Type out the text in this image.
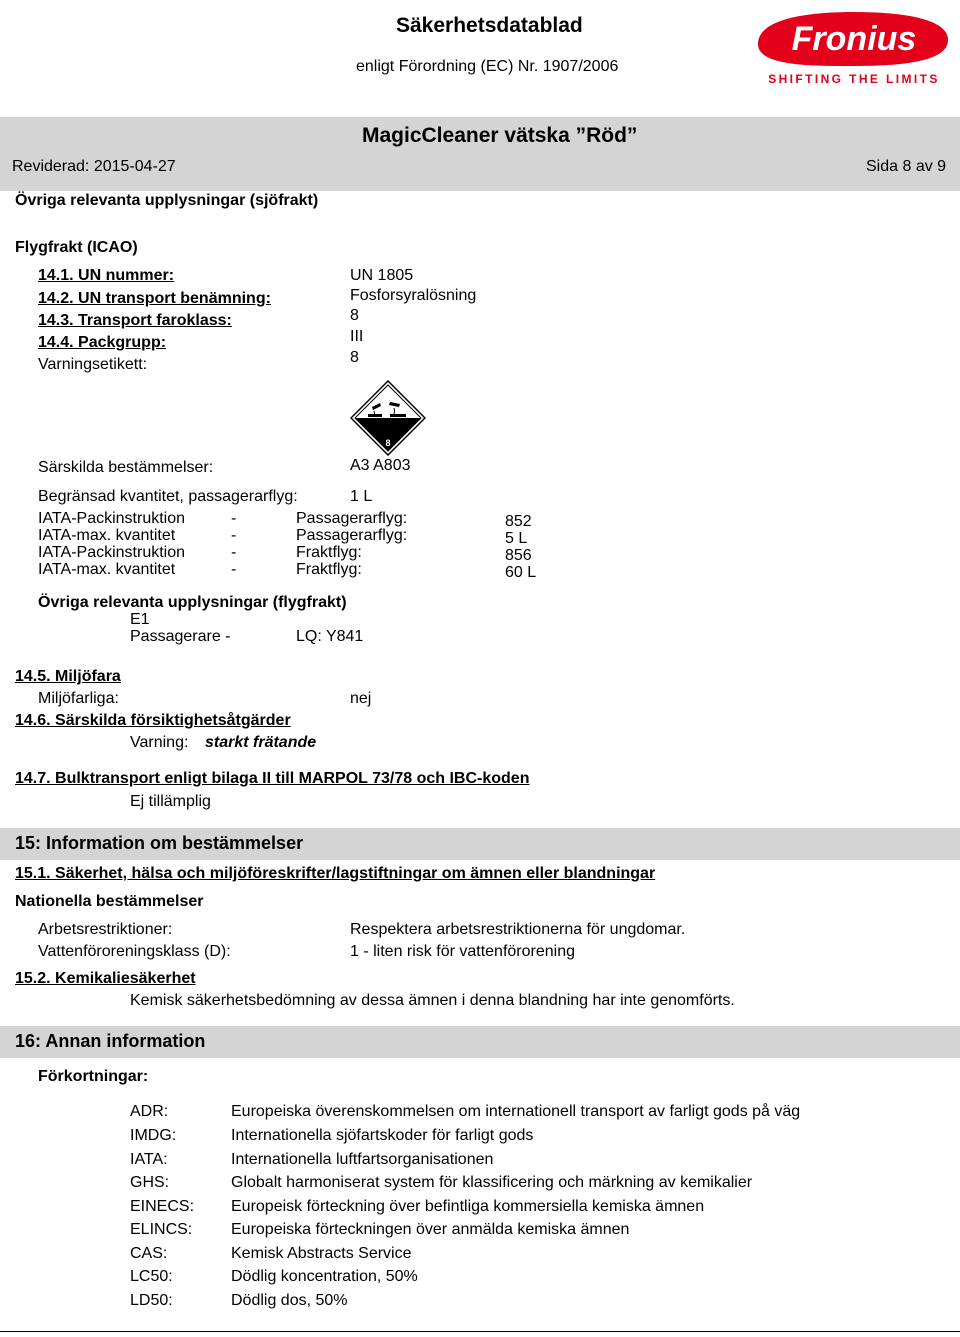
Säkerhetsdatablad
enligt Förordning (EC) Nr. 1907/2006
Fronius
SHIFTING THE LIMITS
MagicCleaner vätska ”Röd”
Reviderad: 2015-04-27	Sida 8 av 9
Övriga relevanta upplysningar (sjöfrakt)
Flygfrakt (ICAO)
14.1. UN nummer:	UN 1805
14.2. UN transport benämning:	Fosforsyralösning
14.3. Transport faroklass:	8
14.4. Packgrupp:	III
Varningsetikett:	8
8
Särskilda bestämmelser:	A3 A803
Begränsad kvantitet, passagerarflyg:	1 L
IATA-Packinstruktion	-	Passagerarflyg:	852
IATA-max. kvantitet	-	Passagerarflyg:	5 L
IATA-Packinstruktion	-	Fraktflyg:	856
IATA-max. kvantitet	-	Fraktflyg:	60 L
Övriga relevanta upplysningar (flygfrakt)
E1
Passagerare -	LQ: Y841
14.5. Miljöfara
Miljöfarliga:	nej
14.6. Särskilda försiktighetsåtgärder
Varning: starkt frätande
14.7. Bulktransport enligt bilaga II till MARPOL 73/78 och IBC-koden
Ej tillämplig
15: Information om bestämmelser
15.1. Säkerhet, hälsa och miljöföreskrifter/lagstiftningar om ämnen eller blandningar
Nationella bestämmelser
Arbetsrestriktioner:	Respektera arbetsrestriktionerna för ungdomar.
Vattenföroreningsklass (D):	1 - liten risk för vattenförorening
15.2. Kemikaliesäkerhet
Kemisk säkerhetsbedömning av dessa ämnen i denna blandning har inte genomförts.
16: Annan information
Förkortningar:
ADR:	Europeiska överenskommelsen om internationell transport av farligt gods på väg
IMDG:	Internationella sjöfartskoder för farligt gods
IATA:	Internationella luftfartsorganisationen
GHS:	Globalt harmoniserat system för klassificering och märkning av kemikalier
EINECS: Europeisk förteckning över befintliga kommersiella kemiska ämnen
ELINCS: Europeiska förteckningen över anmälda kemiska ämnen
CAS:	Kemisk Abstracts Service
LC50:	Dödlig koncentration, 50%
LD50:	Dödlig dos, 50%
